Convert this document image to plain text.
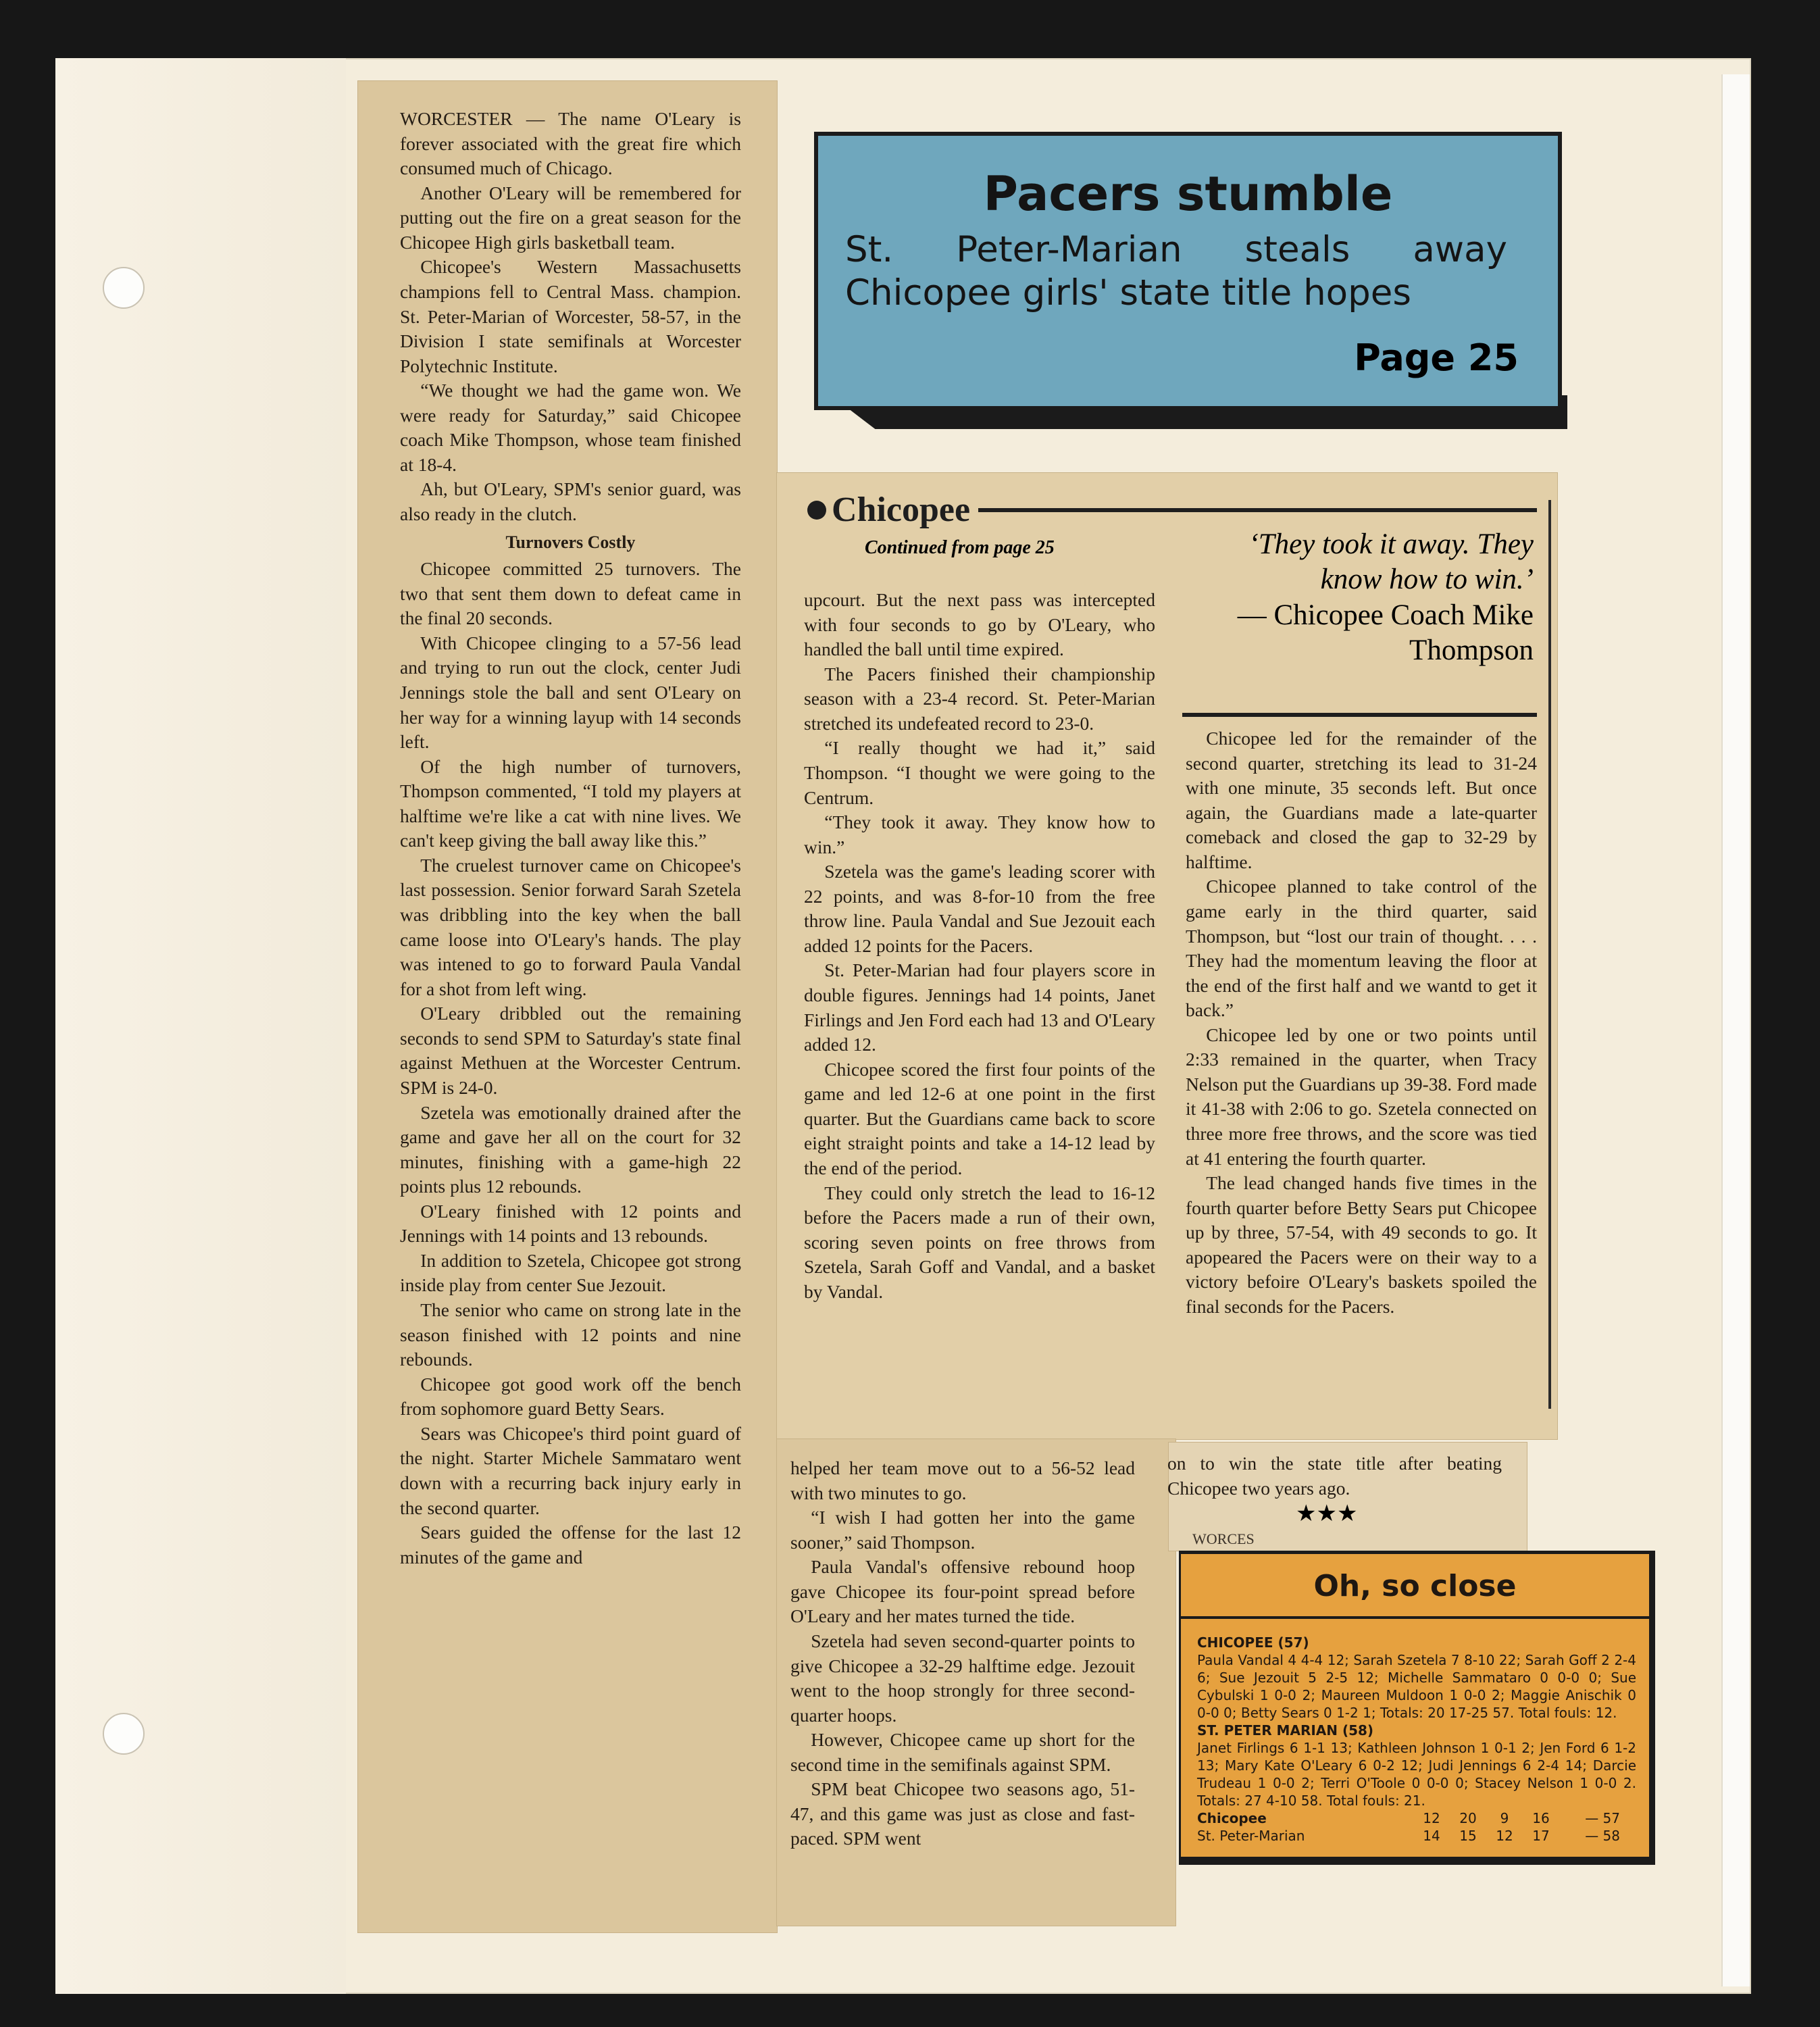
WORCESTER — The name O'Leary is forever associated with the great fire which consumed much of Chicago.

Another O'Leary will be remembered for putting out the fire on a great season for the Chicopee High girls basketball team.

Chicopee's Western Massachusetts champions fell to Central Mass. champion. St. Peter-Marian of Worcester, 58-57, in the Division I state semifinals at Worcester Polytechnic Institute.

“We thought we had the game won. We were ready for Saturday,” said Chicopee coach Mike Thompson, whose team finished at 18-4.

Ah, but O'Leary, SPM's senior guard, was also ready in the clutch.

Turnovers Costly

Chicopee committed 25 turnovers. The two that sent them down to defeat came in the final 20 seconds.

With Chicopee clinging to a 57-56 lead and trying to run out the clock, center Judi Jennings stole the ball and sent O'Leary on her way for a winning layup with 14 seconds left.

Of the high number of turnovers, Thompson commented, “I told my players at halftime we're like a cat with nine lives. We can't keep giving the ball away like this.”

The cruelest turnover came on Chicopee's last possession. Senior forward Sarah Szetela was dribbling into the key when the ball came loose into O'Leary's hands. The play was intened to go to forward Paula Vandal for a shot from left wing.

O'Leary dribbled out the remaining seconds to send SPM to Saturday's state final against Methuen at the Worcester Centrum. SPM is 24-0.

Szetela was emotionally drained after the game and gave her all on the court for 32 minutes, finishing with a game-high 22 points plus 12 rebounds.

O'Leary finished with 12 points and Jennings with 14 points and 13 rebounds.

In addition to Szetela, Chicopee got strong inside play from center Sue Jezouit.

The senior who came on strong late in the season finished with 12 points and nine rebounds.

Chicopee got good work off the bench from sophomore guard Betty Sears.

Sears was Chicopee's third point guard of the night. Starter Michele Sammataro went down with a recurring back injury early in the second quarter.

Sears guided the offense for the last 12 minutes of the game and

Pacers stumble
St. Peter-Marian steals away
Chicopee girls' state title hopes
Page 25
Chicopee
Continued from page 25	‘They took it away. They know how to win.’
— Chicopee Coach Mike Thompson

upcourt. But the next pass was intercepted with four seconds to go by O'Leary, who handled the ball until time expired.

The Pacers finished their championship season with a 23-4 record. St. Peter-Marian stretched its undefeated record to 23-0.

“I really thought we had it,” said Thompson. “I thought we were going to the Centrum.

“They took it away. They know how to win.”

Szetela was the game's leading scorer with 22 points, and was 8-for-10 from the free throw line. Paula Vandal and Sue Jezouit each added 12 points for the Pacers.

St. Peter-Marian had four players score in double figures. Jennings had 14 points, Janet Firlings and Jen Ford each had 13 and O'Leary added 12.

Chicopee scored the first four points of the game and led 12-6 at one point in the first quarter. But the Guardians came back to score eight straight points and take a 14-12 lead by the end of the period.

They could only stretch the lead to 16-12 before the Pacers made a run of their own, scoring seven points on free throws from Szetela, Sarah Goff and Vandal, and a basket by Vandal.

Chicopee led for the remainder of the second quarter, stretching its lead to 31-24 with one minute, 35 seconds left. But once again, the Guardians made a late-quarter comeback and closed the gap to 32-29 by halftime.

Chicopee planned to take control of the game early in the third quarter, said Thompson, but “lost our train of thought. . . . They had the momentum leaving the floor at the end of the first half and we wantd to get it back.”

Chicopee led by one or two points until 2:33 remained in the quarter, when Tracy Nelson put the Guardians up 39-38. Ford made it 41-38 with 2:06 to go. Szetela connected on three more free throws, and the score was tied at 41 entering the fourth quarter.

The lead changed hands five times in the fourth quarter before Betty Sears put Chicopee up by three, 57-54, with 49 seconds to go. It apopeared the Pacers were on their way to a victory befoire O'Leary's baskets spoiled the final seconds for the Pacers.

helped her team move out to a 56-52 lead with two minutes to go.

“I wish I had gotten her into the game sooner,” said Thompson.

Paula Vandal's offensive rebound hoop gave Chicopee its four-point spread before O'Leary and her mates turned the tide.

Szetela had seven second-quarter points to give Chicopee a 32-29 halftime edge. Jezouit went to the hoop strongly for three second-quarter hoops.

However, Chicopee came up short for the second time in the semifinals against SPM.

SPM beat Chicopee two seasons ago, 51-47, and this game was just as close and fast-paced. SPM went

on to win the state title after beating Chicopee two years ago.

★★★
WORCES
Oh, so close
CHICOPEE (57)
Paula Vandal 4 4-4 12; Sarah Szetela 7 8-10 22; Sarah Goff 2 2-4 6; Sue Jezouit 5 2-5 12; Michelle Sammataro 0 0-0 0; Sue Cybulski 1 0-0 2; Maureen Muldoon 1 0-0 2; Maggie Anischik 0 0-0 0; Betty Sears 0 1-2 1; Totals: 20 17-25 57. Total fouls: 12.
ST. PETER MARIAN (58)
Janet Firlings 6 1-1 13; Kathleen Johnson 1 0-1 2; Jen Ford 6 1-2 13; Mary Kate O'Leary 6 0-2 12; Judi Jennings 6 2-4 14; Darcie Trudeau 1 0-0 2; Terri O'Toole 0 0-0 0; Stacey Nelson 1 0-0 2. Totals: 27 4-10 58. Total fouls: 21.
Chicopee	12	20	9	16	— 57
St. Peter-Marian	14	15	12	17	— 58
